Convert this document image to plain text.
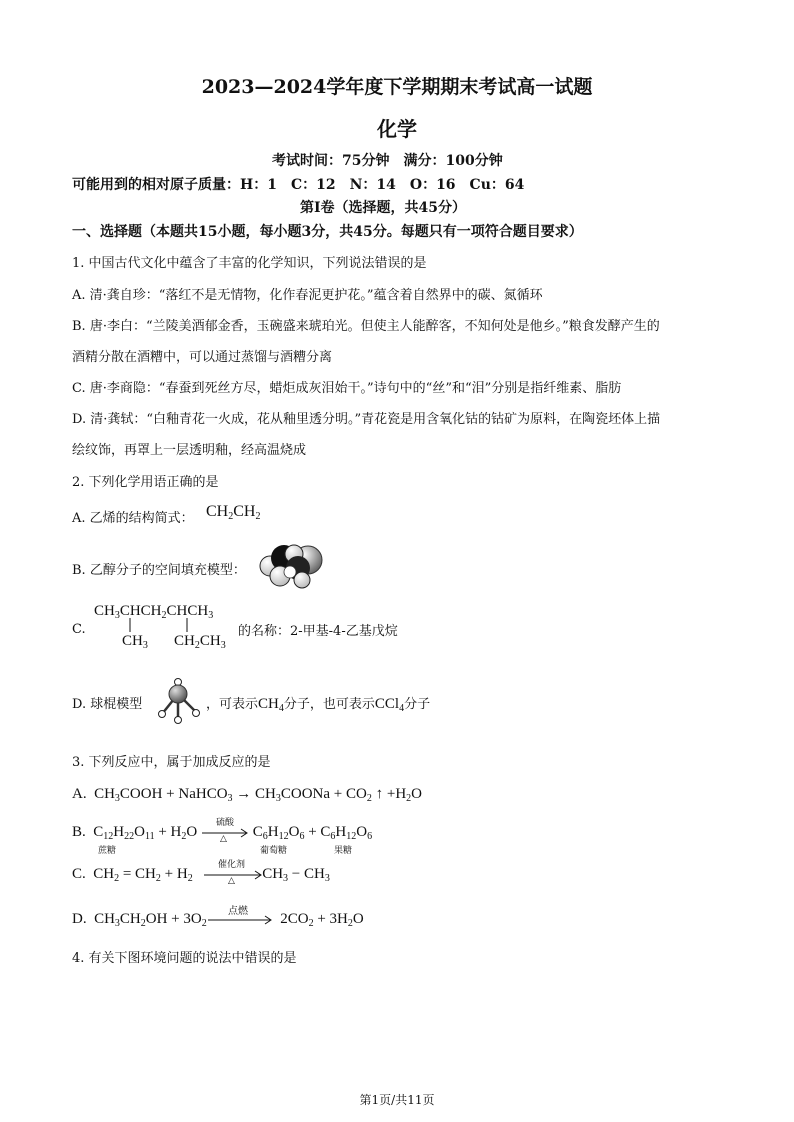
2023—2024学年度下学期期末考试高一试题
化学
考试时间：75分钟　满分：100分钟
可能用到的相对原子质量：H：1　C：12　N：14　O：16　Cu：64
第Ⅰ卷（选择题，共45分）
一、选择题（本题共15小题，每小题3分，共45分。每题只有一项符合题目要求）
1. 中国古代文化中蕴含了丰富的化学知识，下列说法错误的是
A. 清·龚自珍：“落红不是无情物，化作春泥更护花。”蕴含着自然界中的碳、氮循环
B. 唐·李白：“兰陵美酒郁金香，玉碗盛来琥珀光。但使主人能醉客，不知何处是他乡。”粮食发酵产生的
酒精分散在酒糟中，可以通过蒸馏与酒糟分离
C. 唐·李商隐：“春蚕到死丝方尽，蜡炬成灰泪始干。”诗句中的“丝”和“泪”分别是指纤维素、脂肪
D. 清·龚轼：“白釉青花一火成，花从釉里透分明。”青花瓷是用含氧化钴的钴矿为原料，在陶瓷坯体上描
绘纹饰，再罩上一层透明釉，经高温烧成
2. 下列化学用语正确的是
A. 乙烯的结构简式： $CH_2CH_2$
B. 乙醇分子的空间填充模型：
C.
$CH_3CHCH_2CHCH_3$
$CH_3$ $CH_2CH_3$
的名称：2-甲基-4-乙基戊烷
D. 球棍模型	，可表示$CH_4$分子，也可表示CCl$_4$分子
3. 下列反应中，属于加成反应的是
A.  $CH_3COOH$ + NaHCO$_3$ → $CH_3COONa + CO_2$ ↑ $+H_2O$
B.  $C_{12}H_{22}O_{11} + H_2O$	$C_6H_{12}O_6 + C_6H_{12}O_6$
硫酸
△
蔗糖	葡萄糖	果糖
C.  $CH_2 = CH_2 + H_2$	$CH_3 - CH_3$
催化剂
△
D.  $CH_3CH_2OH + 3O_2$	$2CO_2 + 3H_2O$
点燃
4. 有关下图环境问题的说法中错误的是
第1页/共11页
